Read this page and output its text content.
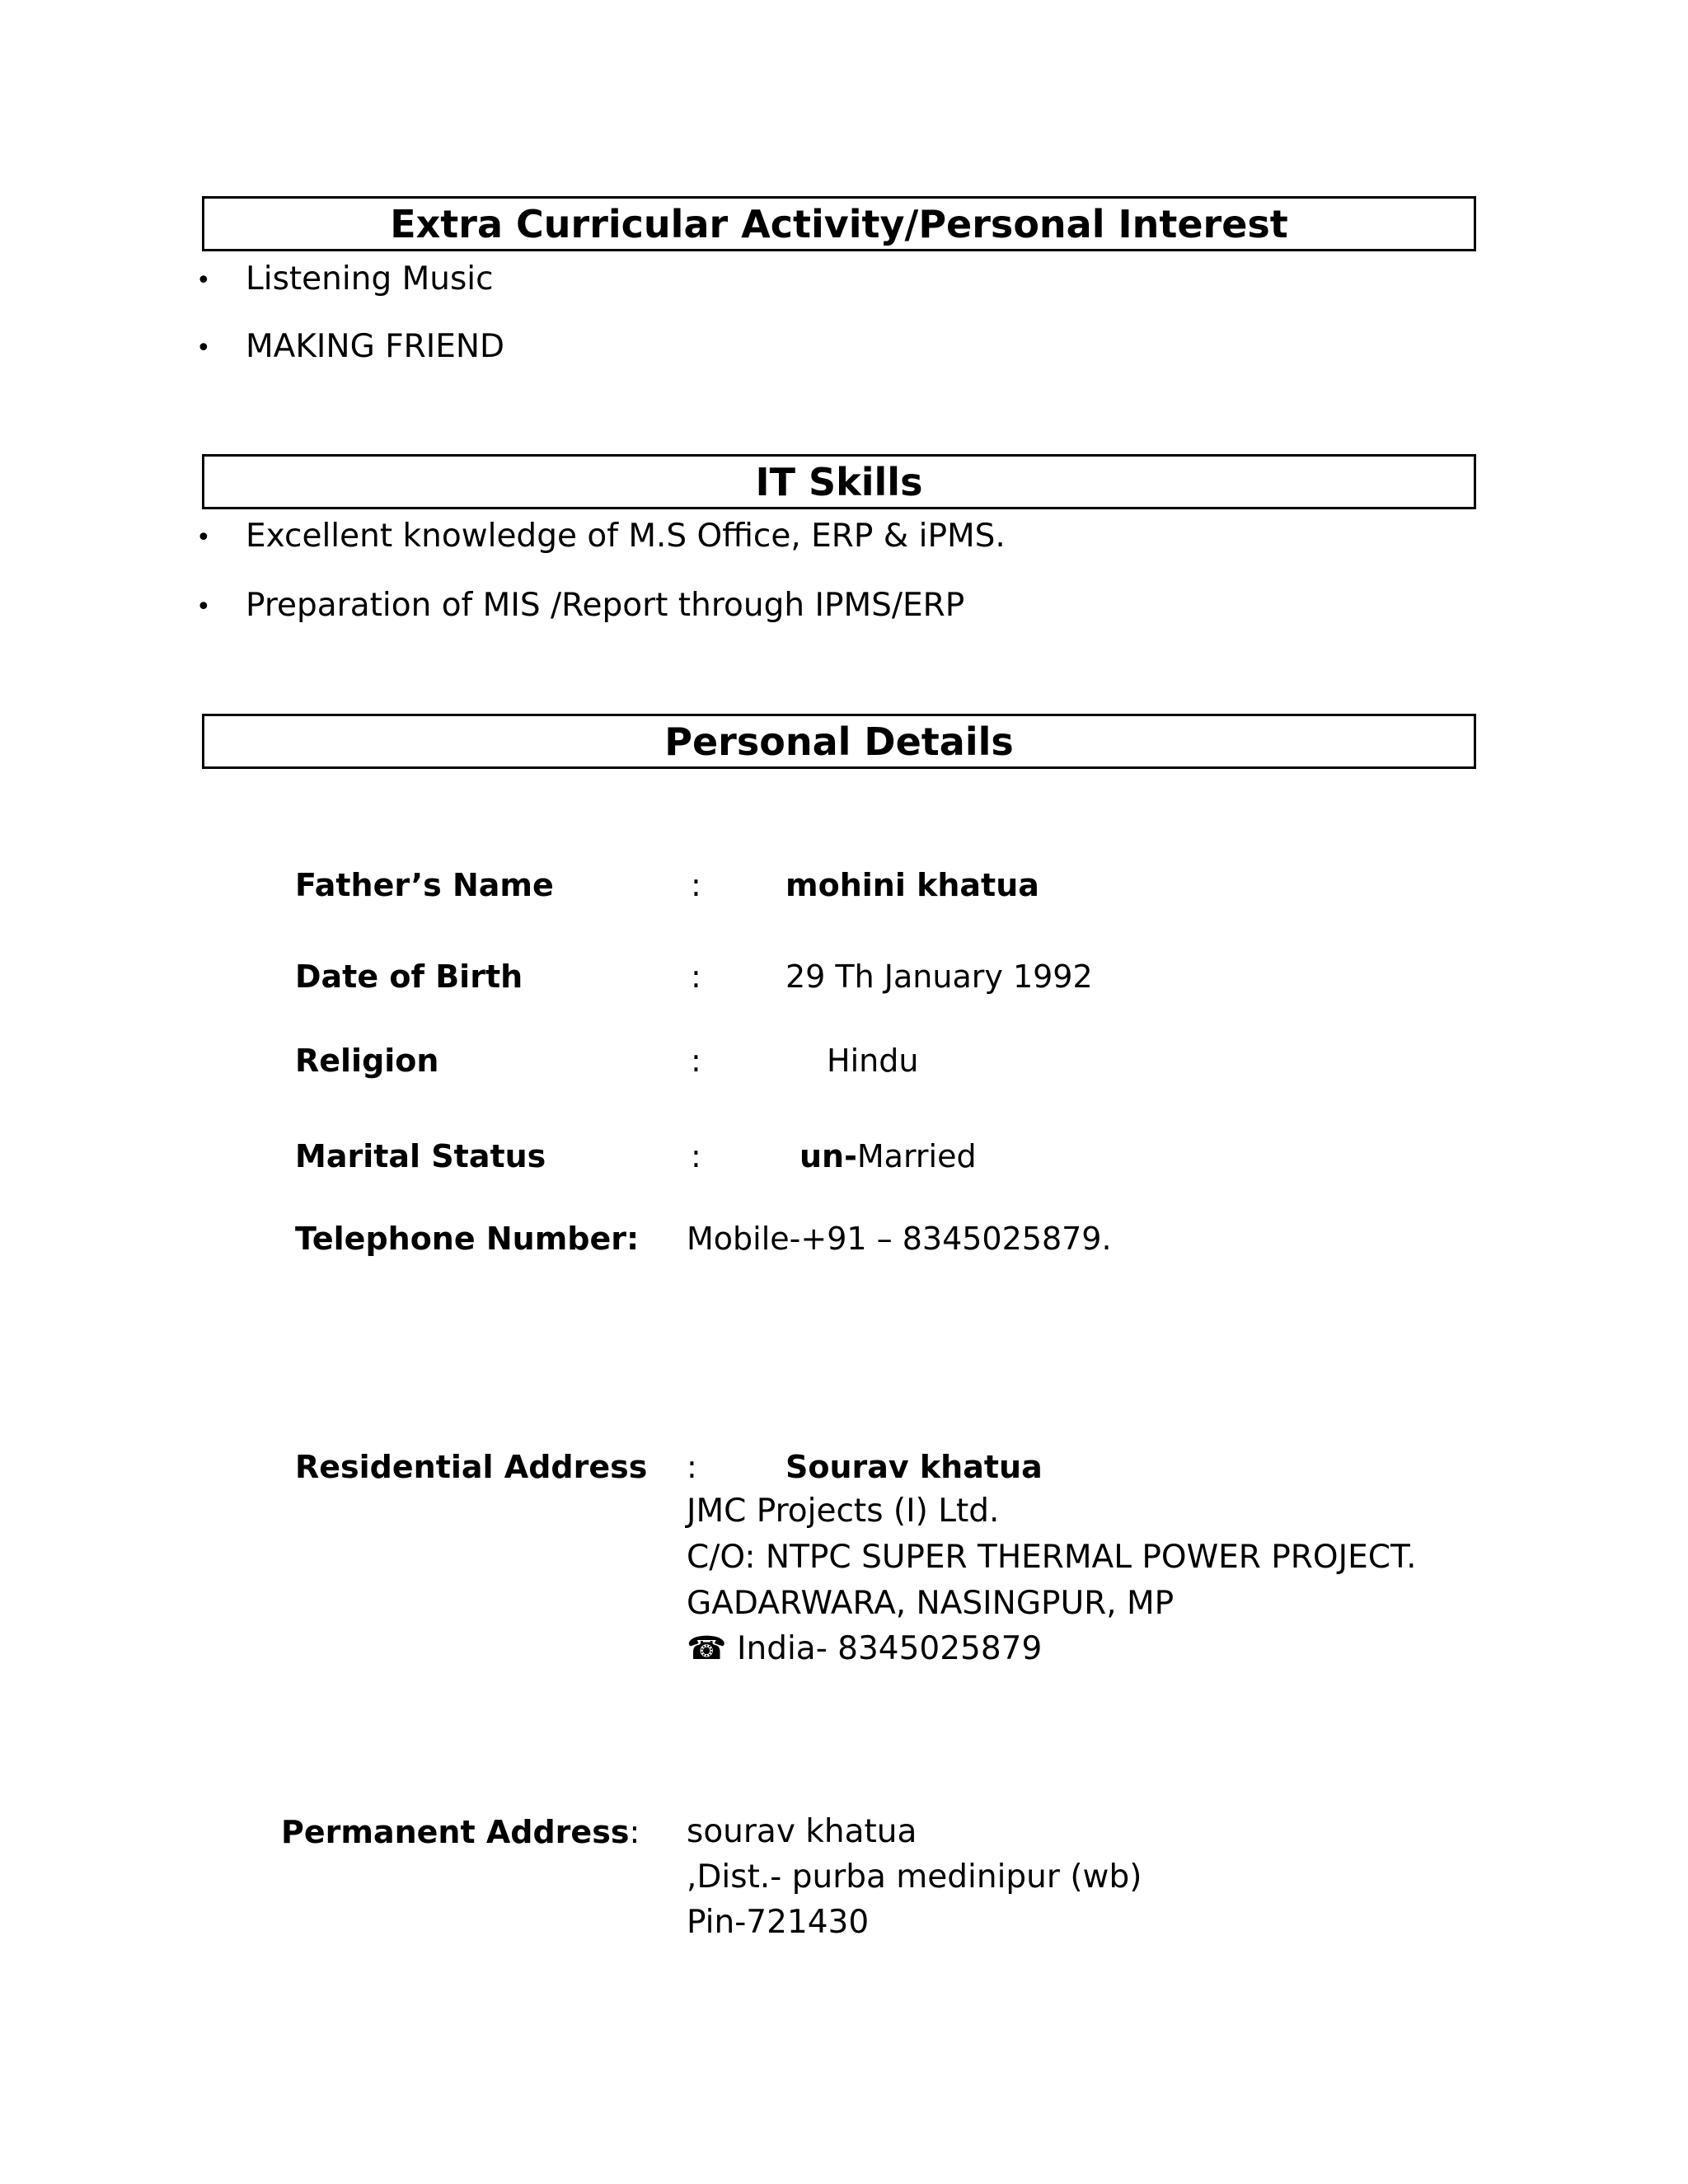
Extra Curricular Activity/Personal Interest
• Listening Music
• MAKING FRIEND
IT Skills
• Excellent knowledge of M.S Office, ERP & iPMS.
• Preparation of MIS /Report through IPMS/ERP
Personal Details
Father’s Name	:	mohini khatua
Date of Birth	:	29 Th January 1992
Religion	:	Hindu
Marital Status	:	un-Married
Telephone Number: Mobile-+91 – 8345025879.
Residential Address :	Sourav khatua
JMC Projects (I) Ltd.
C/O: NTPC SUPER THERMAL POWER PROJECT.
GADARWARA, NASINGPUR, MP
☎ India- 8345025879
Permanent Address: sourav khatua
,Dist.- purba medinipur (wb)
Pin-721430
